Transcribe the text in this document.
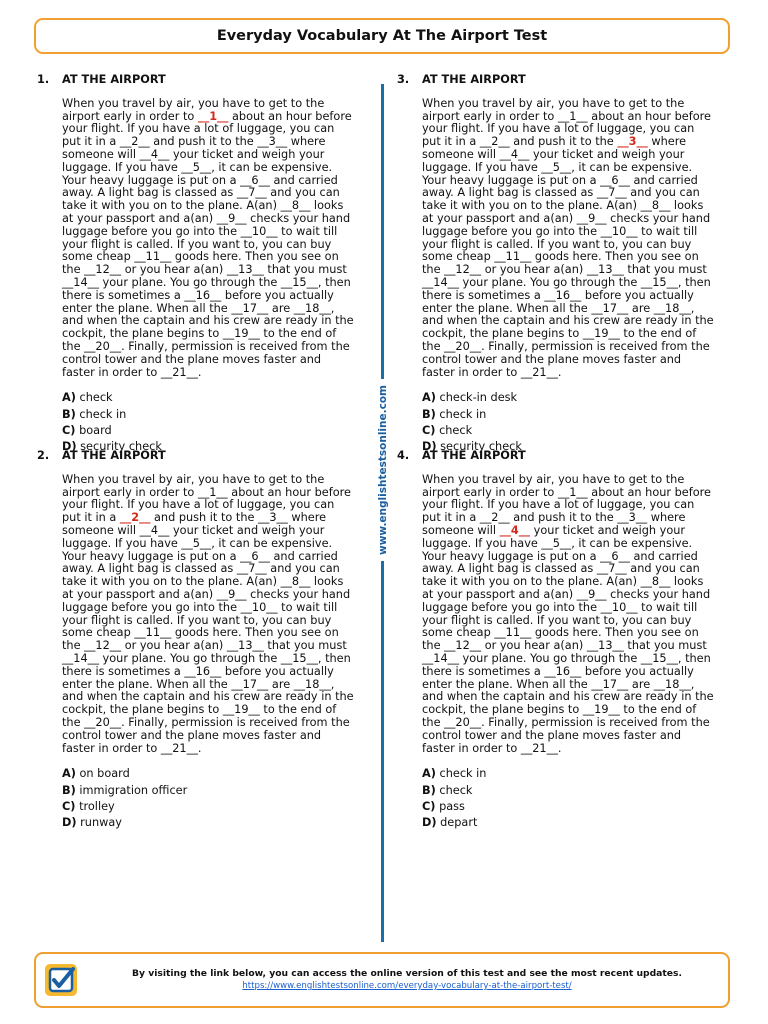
Everyday Vocabulary At The Airport Test
www.englishtestsonline.com
1.	AT THE AIRPORT
When you travel by air, you have to get to the airport early in order to __1__ about an hour before your flight. If you have a lot of luggage, you can put it in a __2__ and push it to the __3__ where someone will __4__ your ticket and weigh your luggage. If you have __5__, it can be expensive. Your heavy luggage is put on a __6__ and carried away. A light bag is classed as __7__ and you can take it with you on to the plane. A(an) __8__ looks at your passport and a(an) __9__ checks your hand luggage before you go into the __10__ to wait till your flight is called. If you want to, you can buy some cheap __11__ goods here. Then you see on the __12__ or you hear a(an) __13__ that you must __14__ your plane. You go through the __15__, then there is sometimes a __16__ before you actually enter the plane. When all the __17__ are __18__, and when the captain and his crew are ready in the cockpit, the plane begins to __19__ to the end of the __20__. Finally, permission is received from the control tower and the plane moves faster and faster in order to __21__.
A) check
B) check in
C) board
D) security check
2.	AT THE AIRPORT
When you travel by air, you have to get to the airport early in order to __1__ about an hour before your flight. If you have a lot of luggage, you can put it in a __2__ and push it to the __3__ where someone will __4__ your ticket and weigh your luggage. If you have __5__, it can be expensive. Your heavy luggage is put on a __6__ and carried away. A light bag is classed as __7__ and you can take it with you on to the plane. A(an) __8__ looks at your passport and a(an) __9__ checks your hand luggage before you go into the __10__ to wait till your flight is called. If you want to, you can buy some cheap __11__ goods here. Then you see on the __12__ or you hear a(an) __13__ that you must __14__ your plane. You go through the __15__, then there is sometimes a __16__ before you actually enter the plane. When all the __17__ are __18__, and when the captain and his crew are ready in the cockpit, the plane begins to __19__ to the end of the __20__. Finally, permission is received from the control tower and the plane moves faster and faster in order to __21__.
A) on board
B) immigration officer
C) trolley
D) runway
3.	AT THE AIRPORT
When you travel by air, you have to get to the airport early in order to __1__ about an hour before your flight. If you have a lot of luggage, you can put it in a __2__ and push it to the __3__ where someone will __4__ your ticket and weigh your luggage. If you have __5__, it can be expensive. Your heavy luggage is put on a __6__ and carried away. A light bag is classed as __7__ and you can take it with you on to the plane. A(an) __8__ looks at your passport and a(an) __9__ checks your hand luggage before you go into the __10__ to wait till your flight is called. If you want to, you can buy some cheap __11__ goods here. Then you see on the __12__ or you hear a(an) __13__ that you must __14__ your plane. You go through the __15__, then there is sometimes a __16__ before you actually enter the plane. When all the __17__ are __18__, and when the captain and his crew are ready in the cockpit, the plane begins to __19__ to the end of the __20__. Finally, permission is received from the control tower and the plane moves faster and faster in order to __21__.
A) check-in desk
B) check in
C) check
D) security check
4.	AT THE AIRPORT
When you travel by air, you have to get to the airport early in order to __1__ about an hour before your flight. If you have a lot of luggage, you can put it in a __2__ and push it to the __3__ where someone will __4__ your ticket and weigh your luggage. If you have __5__, it can be expensive. Your heavy luggage is put on a __6__ and carried away. A light bag is classed as __7__ and you can take it with you on to the plane. A(an) __8__ looks at your passport and a(an) __9__ checks your hand luggage before you go into the __10__ to wait till your flight is called. If you want to, you can buy some cheap __11__ goods here. Then you see on the __12__ or you hear a(an) __13__ that you must __14__ your plane. You go through the __15__, then there is sometimes a __16__ before you actually enter the plane. When all the __17__ are __18__, and when the captain and his crew are ready in the cockpit, the plane begins to __19__ to the end of the __20__. Finally, permission is received from the control tower and the plane moves faster and faster in order to __21__.
A) check in
B) check
C) pass
D) depart
By visiting the link below, you can access the online version of this test and see the most recent updates.
https://www.englishtestsonline.com/everyday-vocabulary-at-the-airport-test/
